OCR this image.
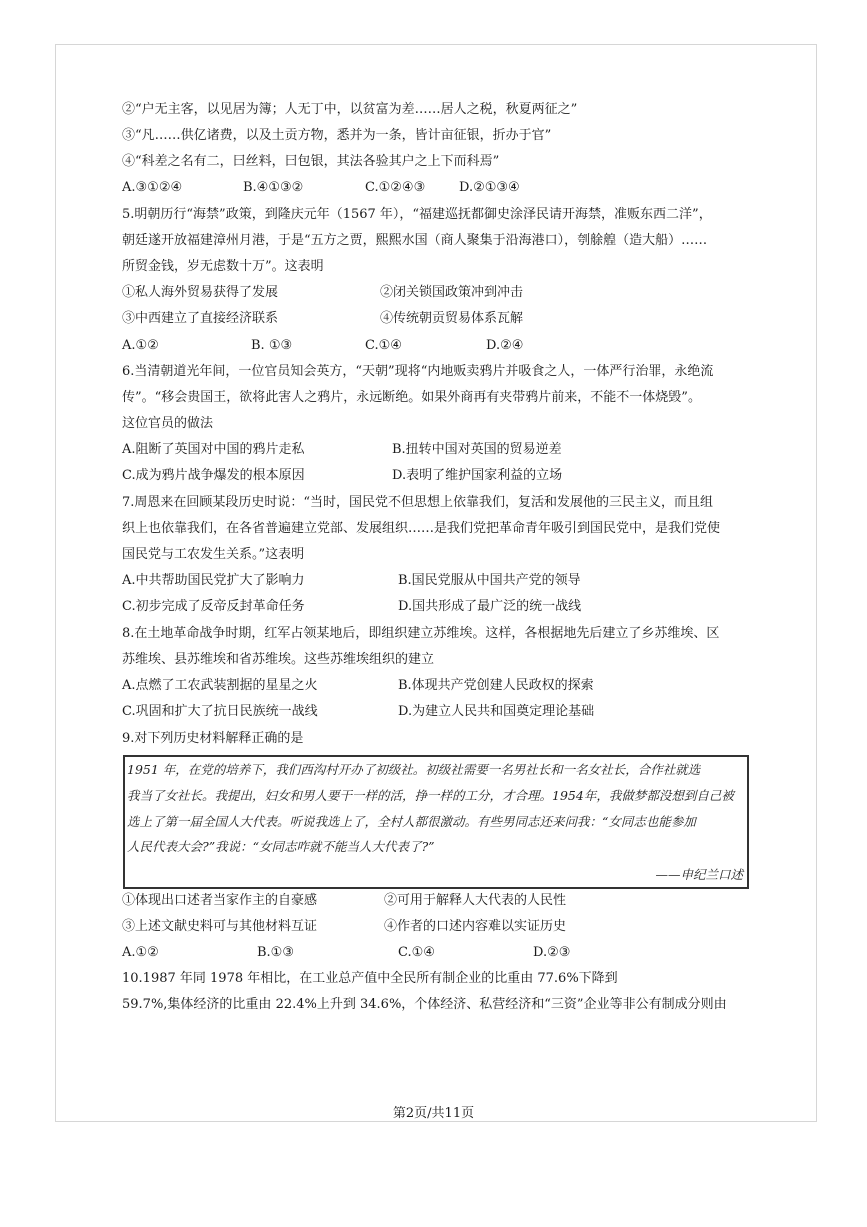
②“户无主客，以见居为簿；人无丁中，以贫富为差……居人之税，秋夏两征之”
③“凡……供亿诸费，以及土贡方物，悉并为一条，皆计亩征银，折办于官”
④“科差之名有二，曰丝料，曰包银，其法各验其户之上下而科焉”
A.③①②④	B.④①③②	C.①②④③	D.②①③④
5.明朝历行“海禁”政策，到隆庆元年（1567 年），“福建巡抚都御史涂泽民请开海禁，准贩东西二洋”，
朝廷遂开放福建漳州月港，于是“五方之贾，熙熙水国（商人聚集于沿海港口），刳艅艎（造大船）……
所贸金钱，岁无虑数十万”。这表明
①私人海外贸易获得了发展	②闭关锁国政策冲到冲击
③中西建立了直接经济联系	④传统朝贡贸易体系瓦解
A.①②	B. ①③	C.①④	D.②④
6.当清朝道光年间，一位官员知会英方，“天朝”现将“内地贩卖鸦片并吸食之人，一体严行治罪，永绝流
传”。“移会贵国王，欲将此害人之鸦片，永远断绝。如果外商再有夹带鸦片前来，不能不一体烧毁”。
这位官员的做法
A.阻断了英国对中国的鸦片走私	B.扭转中国对英国的贸易逆差
C.成为鸦片战争爆发的根本原因	D.表明了维护国家利益的立场
7.周恩来在回顾某段历史时说：“当时，国民党不但思想上依靠我们，复活和发展他的三民主义，而且组
织上也依靠我们，在各省普遍建立党部、发展组织……是我们党把革命青年吸引到国民党中，是我们党使
国民党与工农发生关系。”这表明
A.中共帮助国民党扩大了影响力	B.国民党服从中国共产党的领导
C.初步完成了反帝反封革命任务	D.国共形成了最广泛的统一战线
8.在土地革命战争时期，红军占领某地后，即组织建立苏维埃。这样，各根据地先后建立了乡苏维埃、区
苏维埃、县苏维埃和省苏维埃。这些苏维埃组织的建立
A.点燃了工农武装割据的星星之火	B.体现共产党创建人民政权的探索
C.巩固和扩大了抗日民族统一战线	D.为建立人民共和国奠定理论基础
9.对下列历史材料解释正确的是
1951 年，在党的培养下，我们西沟村开办了初级社。初级社需要一名男社长和一名女社长，合作社就选
我当了女社长。我提出，妇女和男人要干一样的活，挣一样的工分，才合理。1954年，我做梦都没想到自己被
选上了第一届全国人大代表。听说我选上了，全村人都很激动。有些男同志还来问我：“女同志也能参加
人民代表大会?”我说：“女同志咋就不能当人大代表了?”
——申纪兰口述
①体现出口述者当家作主的自豪感	②可用于解释人大代表的人民性
③上述文献史料可与其他材料互证	④作者的口述内容难以实证历史
A.①②	B.①③	C.①④	D.②③
10.1987 年同 1978 年相比，在工业总产值中全民所有制企业的比重由 77.6%下降到
59.7%,集体经济的比重由 22.4%上升到 34.6%，个体经济、私营经济和“三资”企业等非公有制成分则由
第2页/共11页
